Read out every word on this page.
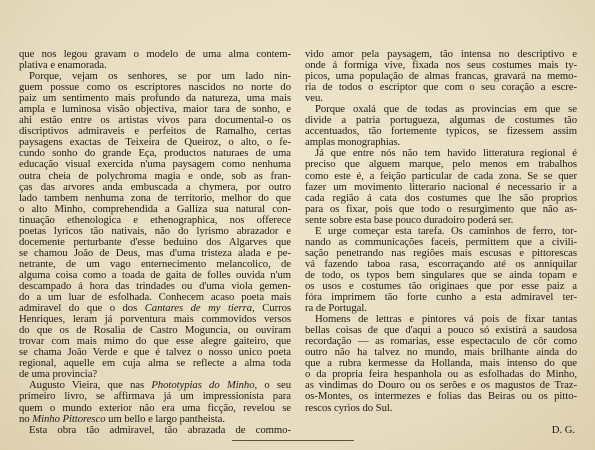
que nos legou gravam o modelo de uma alma contem-
plativa e enamorada.
Porque, vejam os senhores, se por um lado nin-
guem possue como os escriptores nascidos no norte do
paiz um sentimento mais profundo da natureza, uma mais
ampla e luminosa visão objectiva, maior tara de sonho, e
ahi estão entre os artistas vivos para documental-o os
discriptivos admiraveis e perfeitos de Ramalho, certas
paysagens exactas de Teixeira de Queiroz, o alto, o fe-
cundo sonho do grande Eça, productos naturaes de uma
educação visual exercida n'uma paysagem como nenhuma
outra cheia de polychroma magia e onde, sob as fran-
ças das arvores anda embuscada a chymera, por outro
lado tambem nenhuma zona de territorio, melhor do que
o alto Minho, comprehendida a Galliza sua natural con-
tinuação ethenologica e ethenographica, nos offerece
poetas lyricos tão nativais, não do lyrismo abrazador e
docemente perturbante d'esse beduino dos Algarves que
se chamou João de Deus, mas d'uma tristeza alada e pe-
netrante, de um vago enternecimento melancolico, de
alguma coisa como a toada de gaita de folles ouvida n'um
descampado á hora das trindades ou d'uma viola gemen-
do a um luar de esfolhada. Conhecem acaso poeta mais
admiravel do que o dos Cantares de my tierra, Curros
Henriques, leram já porventura mais commovidos versos
do que os de Rosalia de Castro Moguncia, ou ouviram
trovar com mais mimo do que esse alegre gaiteiro, que
se chama João Verde e que é talvez o nosso unico poeta
regional, aquelle em cuja alma se reflecte a alma toda
de uma provincia?
Augusto Vieira, que nas Phototypias do Minho, o seu
primeiro livro, se affirmava já um impressionista para
quem o mundo exterior não era uma ficção, revelou se
no Minho Pittoresco um bello e largo pantheista.
Esta obra tão admiravel, tão abrazada de commo-
vido amor pela paysagem, tão intensa no descriptivo e
onde á formiga vive, fixada nos seus costumes mais ty-
picos, uma população de almas francas, gravará na memo-
ria de todos o escriptor que com o seu coração a escre-
veu.
Porque oxalá que de todas as provincias em que se
divide a patria portugueza, algumas de costumes tão
accentuados, tão fortemente typicos, se fizessem assim
amplas monographias.
Já que entre nós não tem havido litteratura regional é
preciso que alguem marque, pelo menos em trabalhos
como este é, a feição particular de cada zona. Se se quer
fazer um movimento litterario nacional é necessario ir a
cada região á cata dos costumes que lhe são proprios
para os fixar, pois que todo o resurgimento que não as-
sente sobre esta base pouco duradoiro poderá ser.
E urge começar esta tarefa. Os caminhos de ferro, tor-
nando as communicações faceis, permittem que a civili-
sação penetrando nas regiões mais escusas e pittorescas
vá fazendo taboa rasa, escorraçando até os anniquilar
de todo, os typos bem singulares que se ainda topam e
os usos e costumes tão originaes que por esse paiz a
fóra imprimem tão forte cunho a esta admiravel ter-
ra de Portugal.
Homens de lettras e pintores vá pois de fixar tantas
bellas coisas de que d'aqui a pouco só existirá a saudosa
recordação — as romarias, esse espectaculo de côr como
outro não ha talvez no mundo, mais brilhante ainda do
que a rubra kermesse da Hollanda, mais intenso do que
o da propria feira hespanhola ou as esfolhadas do Minho,
as vindimas do Douro ou os serões e os magustos de Traz-
os-Montes, os intermezes e folias das Beiras ou os pitto-
rescos cyrios do Sul.
D. G.
